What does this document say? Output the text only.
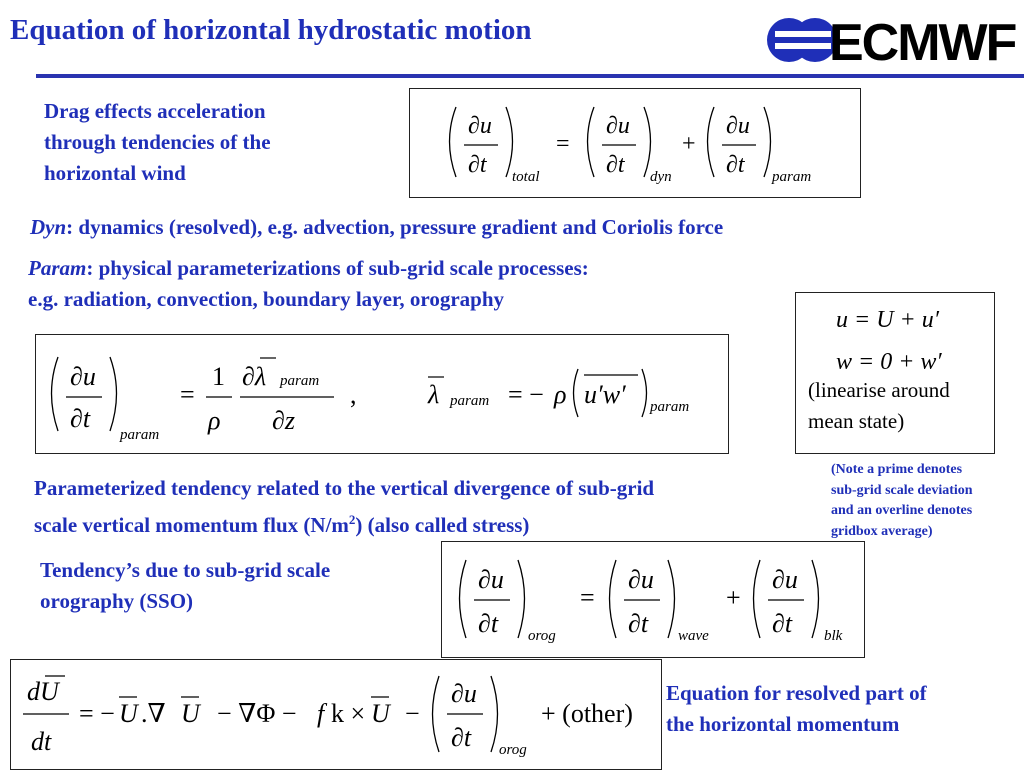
Equation of horizontal hydrostatic motion	ECMWF
Drag effects acceleration
through tendencies of the
horizontal wind
∂u
∂t total
=
∂u
∂t dyn
+
∂u
∂t param
Dyn: dynamics (resolved), e.g. advection, pressure gradient and Coriolis force
Param: physical parameterizations of sub-grid scale processes:
e.g. radiation, convection, boundary layer, orography
∂u
∂t
param
=
1
ρ
∂λ param
∂z
,	λ param = − ρ u′w′ param
u = U + u′
w = 0 + w′
(linearise around
mean state)
(Note a prime denotes
sub-grid scale deviation
and an overline denotes
gridbox average)
Parameterized tendency related to the vertical divergence of sub-grid
scale vertical momentum flux $(N/m^2)$ (also called stress)
Tendency’s due to sub-grid scale
orography (SSO)
∂u
∂t orog
=
∂u
∂t wave
+
∂u
∂t blk
dU
dt
= − U .∇ U − ∇Φ − f k × U −
∂u
∂t orog
+ (other)
Equation for resolved part of
the horizontal momentum
